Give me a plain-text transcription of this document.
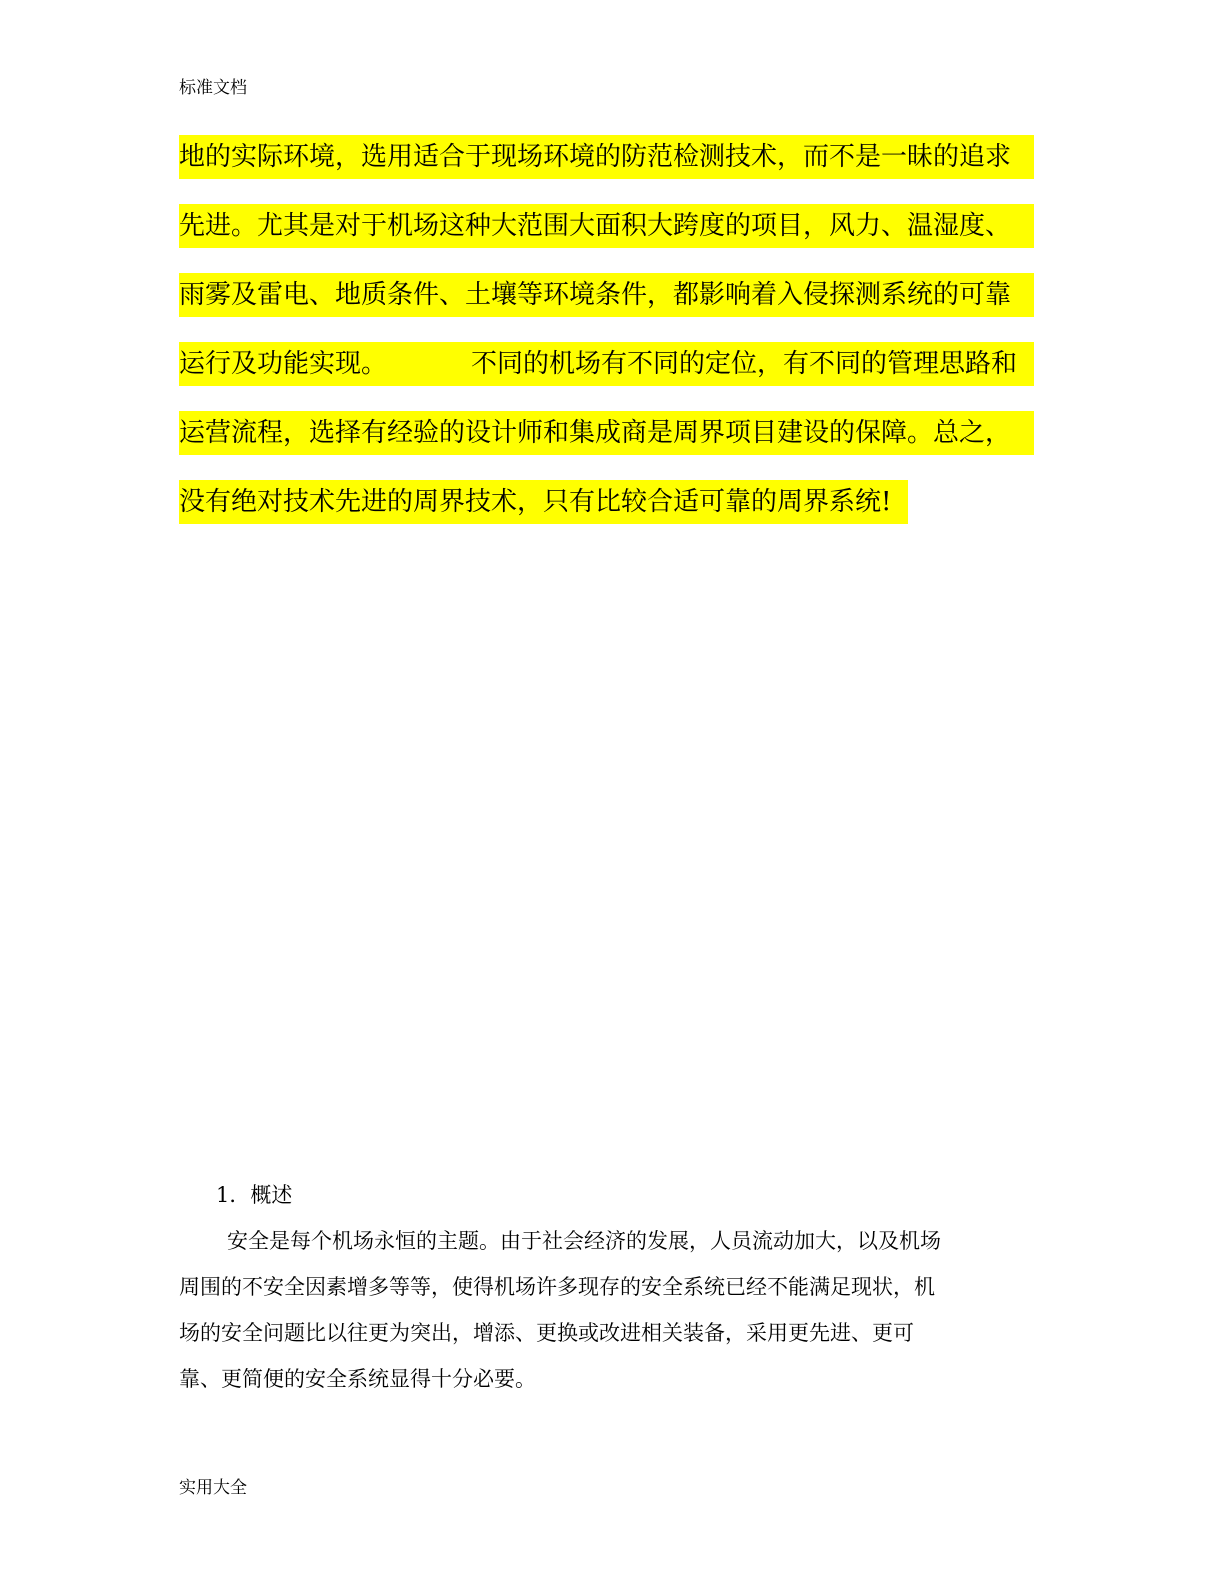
标准文档
地的实际环境，选用适合于现场环境的防范检测技术，而不是一昧的追求
先进。尤其是对于机场这种大范围大面积大跨度的项目，风力、温湿度、
雨雾及雷电、地质条件、土壤等环境条件，都影响着入侵探测系统的可靠
运行及功能实现。	不同的机场有不同的定位，有不同的管理思路和
运营流程，选择有经验的设计师和集成商是周界项目建设的保障。总之，
没有绝对技术先进的周界技术，只有比较合适可靠的周界系统!
1．概述
安全是每个机场永恒的主题。由于社会经济的发展，人员流动加大，以及机场
周围的不安全因素增多等等，使得机场许多现存的安全系统已经不能满足现状，机
场的安全问题比以往更为突出，增添、更换或改进相关装备，采用更先进、更可
靠、更简便的安全系统显得十分必要。
实用大全
